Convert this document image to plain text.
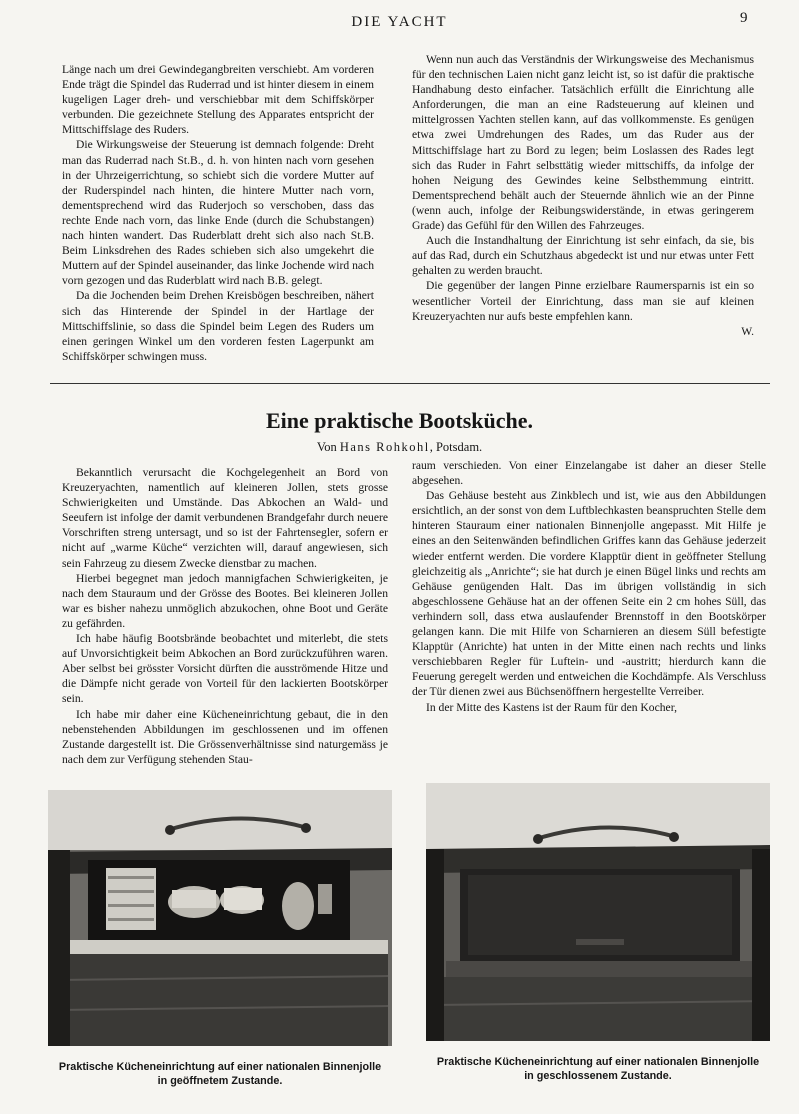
DIE YACHT	9

Länge nach um drei Gewindegangbreiten verschiebt. Am vorderen Ende trägt die Spindel das Ruderrad und ist hinter diesem in einem kugeligen Lager dreh- und verschiebbar mit dem Schiffskörper verbunden. Die gezeichnete Stellung des Apparates entspricht der Mittschiffslage des Ruders.

Die Wirkungsweise der Steuerung ist demnach folgende: Dreht man das Ruderrad nach St.B., d. h. von hinten nach vorn gesehen in der Uhrzeigerrichtung, so schiebt sich die vordere Mutter auf der Ruderspindel nach hinten, die hintere Mutter nach vorn, dementsprechend wird das Ruderjoch so verschoben, dass das rechte Ende nach vorn, das linke Ende (durch die Schubstangen) nach hinten wandert. Das Ruderblatt dreht sich also nach St.B. Beim Linksdrehen des Rades schieben sich also umgekehrt die Muttern auf der Spindel auseinander, das linke Jochende wird nach vorn gezogen und das Ruderblatt wird nach B.B. gelegt.

Da die Jochenden beim Drehen Kreisbögen beschreiben, nähert sich das Hinterende der Spindel in der Hartlage der Mittschiffslinie, so dass die Spindel beim Legen des Ruders um einen geringen Winkel um den vorderen festen Lagerpunkt am Schiffskörper schwingen muss.

Wenn nun auch das Verständnis der Wirkungsweise des Mechanismus für den technischen Laien nicht ganz leicht ist, so ist dafür die praktische Handhabung desto einfacher. Tatsächlich erfüllt die Einrichtung alle Anforderungen, die man an eine Radsteuerung auf kleinen und mittelgrossen Yachten stellen kann, auf das vollkommenste. Es genügen etwa zwei Umdrehungen des Rades, um das Ruder aus der Mittschiffslage hart zu Bord zu legen; beim Loslassen des Rades legt sich das Ruder in Fahrt selbsttätig wieder mittschiffs, da infolge der hohen Neigung des Gewindes keine Selbsthemmung eintritt. Dementsprechend behält auch der Steuernde ähnlich wie an der Pinne (wenn auch, infolge der Reibungswiderstände, in etwas geringerem Grade) das Gefühl für den Willen des Fahrzeuges.

Auch die Instandhaltung der Einrichtung ist sehr einfach, da sie, bis auf das Rad, durch ein Schutzhaus abgedeckt ist und nur etwas unter Fett gehalten zu werden braucht.

Die gegenüber der langen Pinne erzielbare Raumersparnis ist ein so wesentlicher Vorteil der Einrichtung, dass man sie auf kleinen Kreuzeryachten nur aufs beste empfehlen kann.

W.
Eine praktische Bootsküche.
Von Hans Rohkohl, Potsdam.

Bekanntlich verursacht die Kochgelegenheit an Bord von Kreuzeryachten, namentlich auf kleineren Jollen, stets grosse Schwierigkeiten und Umstände. Das Abkochen an Wald- und Seeufern ist infolge der damit verbundenen Brandgefahr durch neuere Vorschriften streng untersagt, und so ist der Fahrtensegler, sofern er nicht auf „warme Küche“ verzichten will, darauf angewiesen, sich sein Fahrzeug zu diesem Zwecke dienstbar zu machen.

Hierbei begegnet man jedoch mannigfachen Schwierigkeiten, je nach dem Stauraum und der Grösse des Bootes. Bei kleineren Jollen war es bisher nahezu unmöglich abzukochen, ohne Boot und Geräte zu gefährden.

Ich habe häufig Bootsbrände beobachtet und miterlebt, die stets auf Unvorsichtigkeit beim Abkochen an Bord zurückzuführen waren. Aber selbst bei grösster Vorsicht dürften die ausströmende Hitze und die Dämpfe nicht gerade von Vorteil für den lackierten Bootskörper sein.

Ich habe mir daher eine Kücheneinrichtung gebaut, die in den nebenstehenden Abbildungen im geschlossenen und im offenen Zustande dargestellt ist. Die Grössenverhältnisse sind naturgemäss je nach dem zur Verfügung stehenden Stau-

raum verschieden. Von einer Einzelangabe ist daher an dieser Stelle abgesehen.

Das Gehäuse besteht aus Zinkblech und ist, wie aus den Abbildungen ersichtlich, an der sonst von dem Luftblechkasten beanspruchten Stelle dem hinteren Stauraum einer nationalen Binnenjolle angepasst. Mit Hilfe je eines an den Seitenwänden befindlichen Griffes kann das Gehäuse jederzeit wieder entfernt werden. Die vordere Klapptür dient in geöffneter Stellung gleichzeitig als „Anrichte“; sie hat durch je einen Bügel links und rechts am Gehäuse genügenden Halt. Das im übrigen vollständig in sich abgeschlossene Gehäuse hat an der offenen Seite ein 2 cm hohes Süll, das verhindern soll, dass etwa auslaufender Brennstoff in den Bootskörper gelangen kann. Die mit Hilfe von Scharnieren an diesem Süll befestigte Klapptür (Anrichte) hat unten in der Mitte einen nach rechts und links verschiebbaren Regler für Luftein- und -austritt; hierdurch kann die Feuerung geregelt werden und entweichen die Kochdämpfe. Als Verschluss der Tür dienen zwei aus Büchsenöffnern hergestellte Verreiber.

In der Mitte des Kastens ist der Raum für den Kocher,

Praktische Kücheneinrichtung auf einer nationalen Binnenjolle
in geöffnetem Zustande.
Praktische Kücheneinrichtung auf einer nationalen Binnenjolle
in geschlossenem Zustande.
